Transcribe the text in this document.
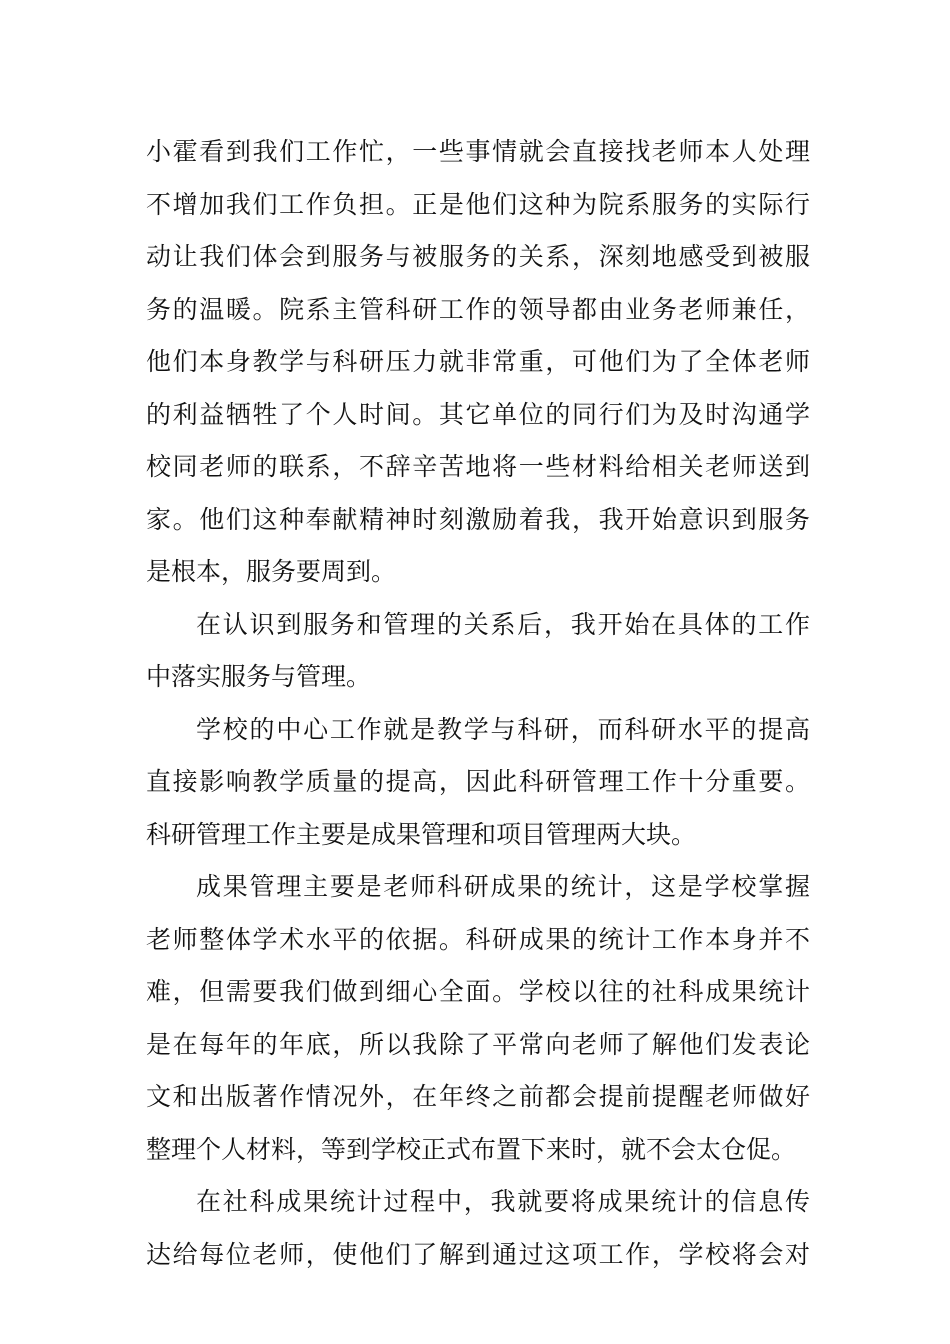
小霍看到我们工作忙，一些事情就会直接找老师本人处理
不增加我们工作负担。正是他们这种为院系服务的实际行
动让我们体会到服务与被服务的关系，深刻地感受到被服
务的温暖。院系主管科研工作的领导都由业务老师兼任，
他们本身教学与科研压力就非常重，可他们为了全体老师
的利益牺牲了个人时间。其它单位的同行们为及时沟通学
校同老师的联系，不辞辛苦地将一些材料给相关老师送到
家。他们这种奉献精神时刻激励着我，我开始意识到服务
是根本，服务要周到。

在认识到服务和管理的关系后，我开始在具体的工作
中落实服务与管理。

学校的中心工作就是教学与科研，而科研水平的提高
直接影响教学质量的提高，因此科研管理工作十分重要。
科研管理工作主要是成果管理和项目管理两大块。

成果管理主要是老师科研成果的统计，这是学校掌握
老师整体学术水平的依据。科研成果的统计工作本身并不
难，但需要我们做到细心全面。学校以往的社科成果统计
是在每年的年底，所以我除了平常向老师了解他们发表论
文和出版著作情况外，在年终之前都会提前提醒老师做好
整理个人材料，等到学校正式布置下来时，就不会太仓促。

在社科成果统计过程中，我就要将成果统计的信息传
达给每位老师，使他们了解到通过这项工作，学校将会对
